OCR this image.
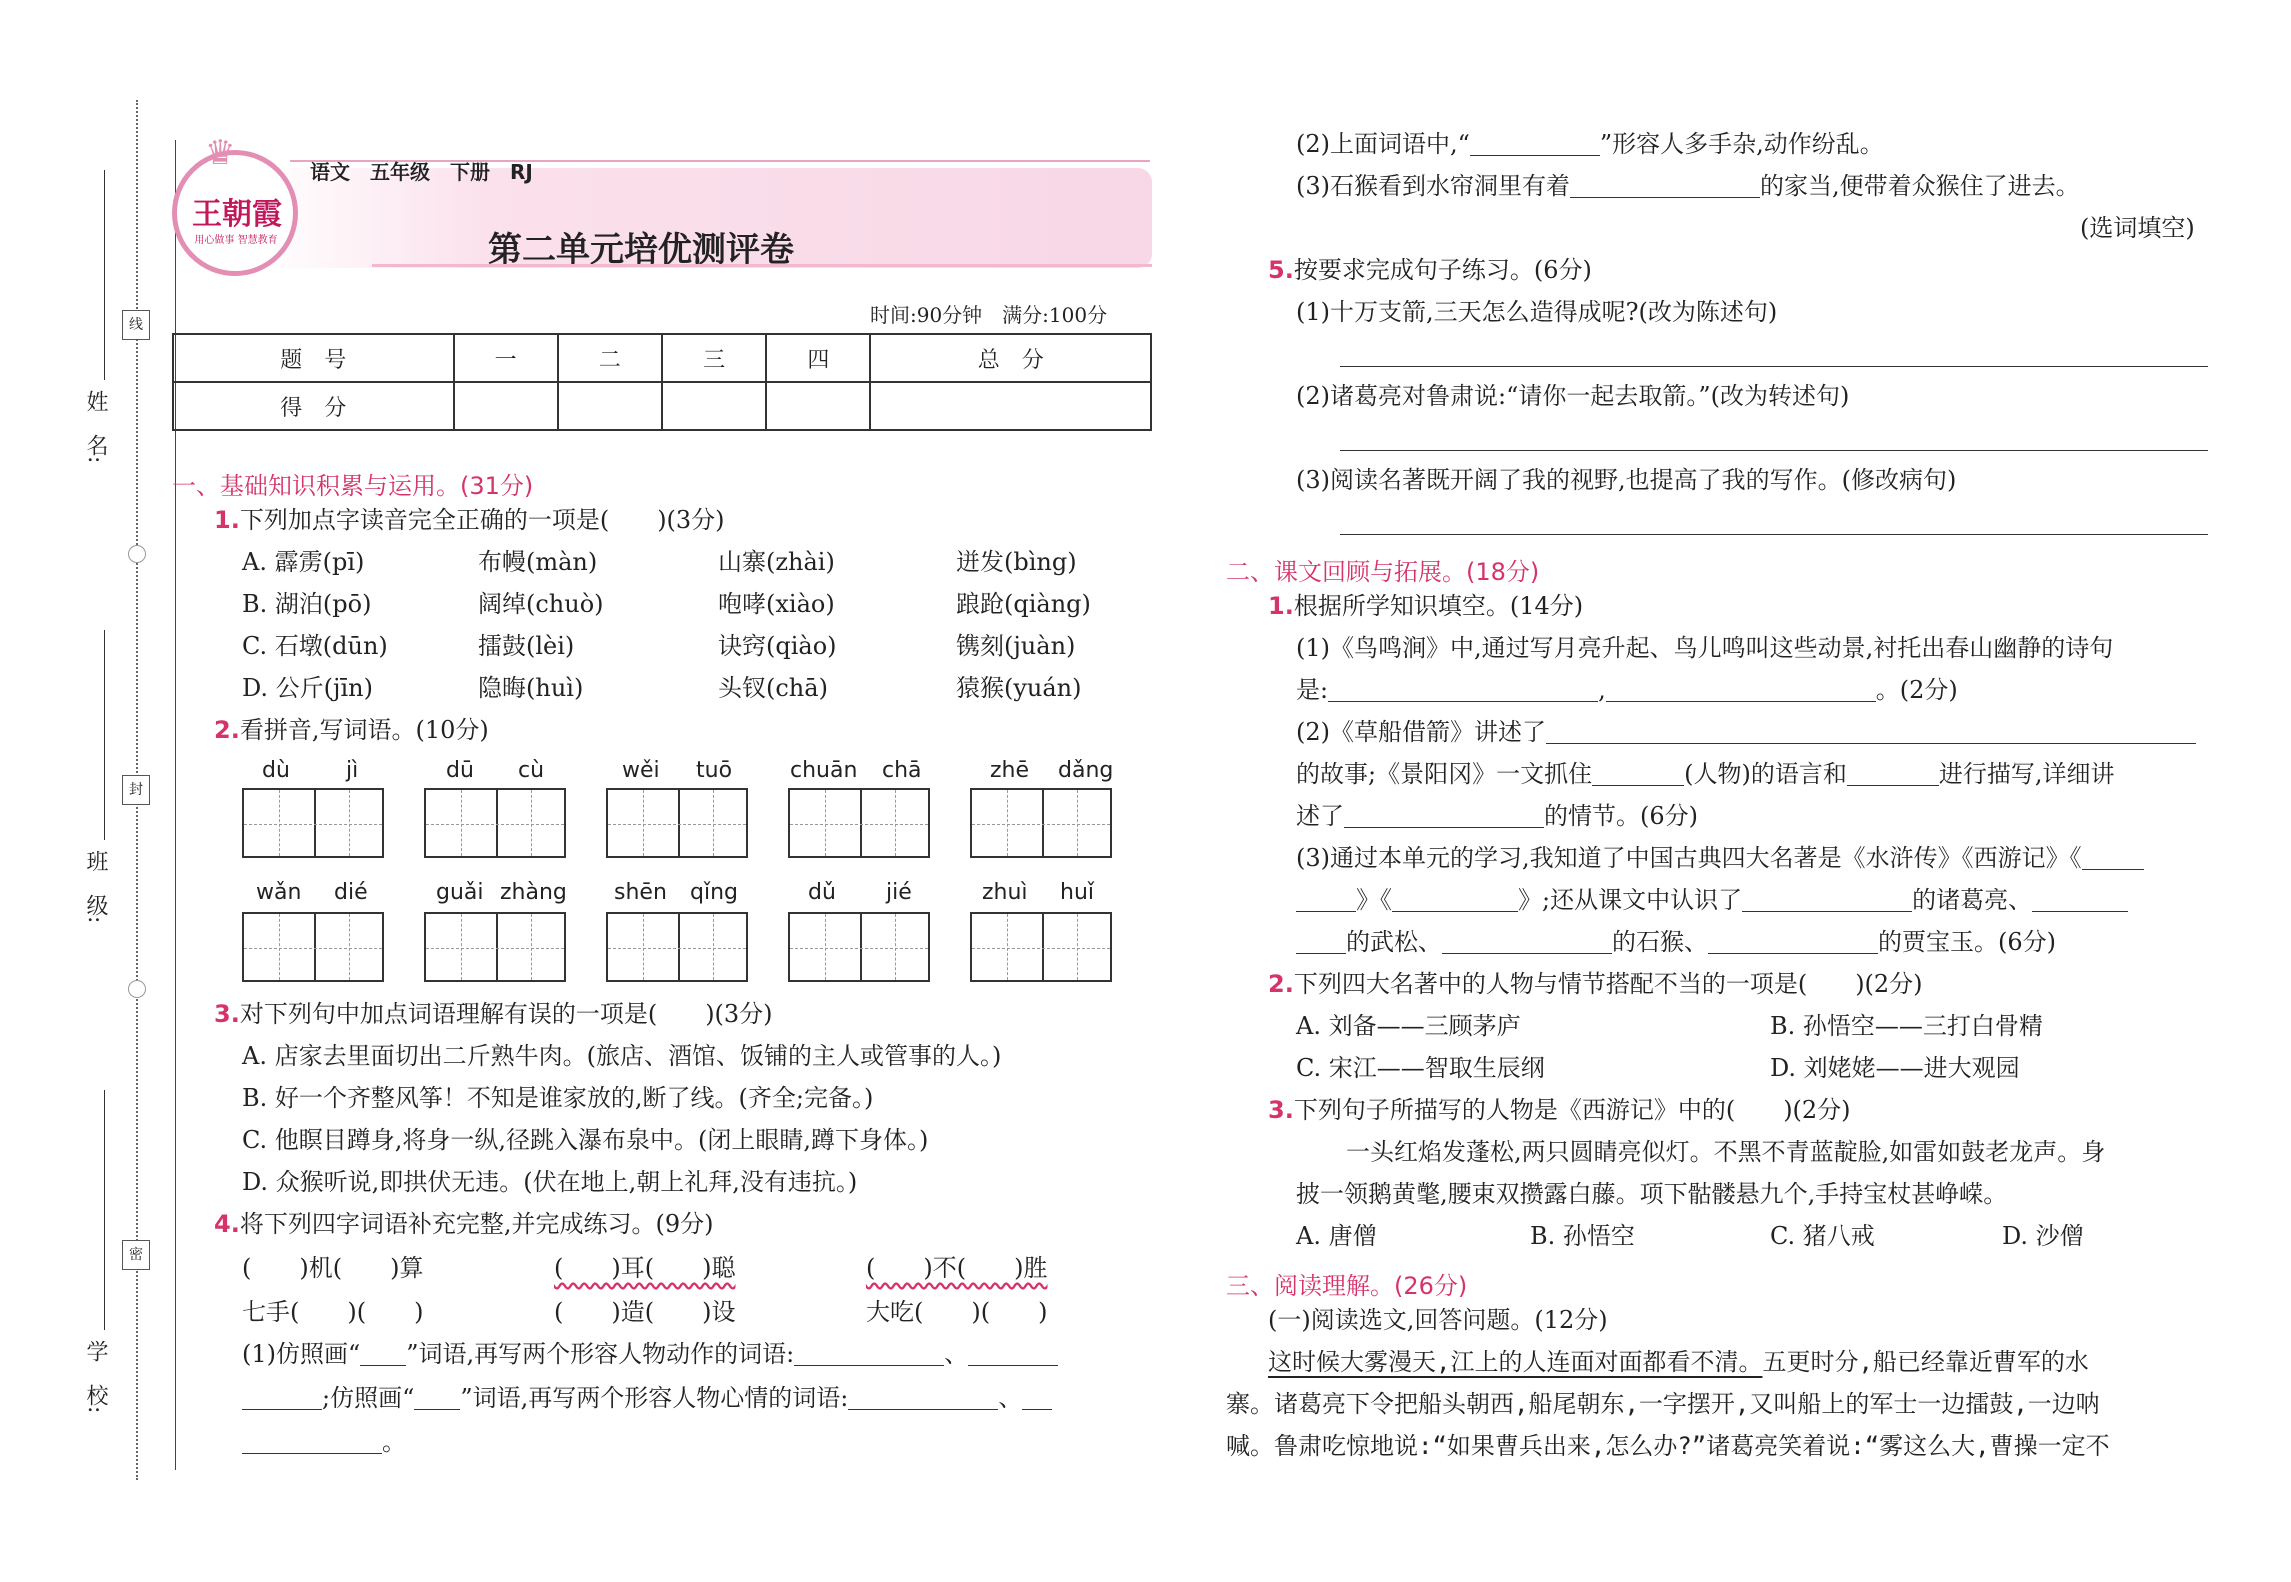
姓　名:
班　级:
学　校:
线
封
密
♛
王朝霞
用心做事 智慧教育
语文　五年级　下册　RJ
第二单元培优测评卷
时间:90分钟　满分:100分
题　号	一	二	三	四	总　分
得　分					
一、基础知识积累与运用。(31分)
1.下列加点字读音完全正确的一项是(　　)(3分)
A. 霹雳(pī)	布幔(màn)	山寨(zhài)	迸发(bìng)
B. 湖泊(pō)	阔绰(chuò)	咆哮(xiào)	踉跄(qiàng)
C. 石墩(dūn)	擂鼓(lèi)	诀窍(qiào)	镌刻(juàn)
D. 公斤(jīn)	隐晦(huì)	头钗(chā)	猿猴(yuán)
2.看拼音,写词语。(10分)
dù	jì	dū cù	wěi tuō	chuān chā	zhē dǎng
wǎn dié	guǎi zhàng shēn qǐng	dǔ jié	zhuì huǐ
3.对下列句中加点词语理解有误的一项是(　　)(3分)
A. 店家去里面切出二斤熟牛肉。(旅店、酒馆、饭铺的主人或管事的人。)
B. 好一个齐整风筝！不知是谁家放的,断了线。(齐全;完备。)
C. 他瞑目蹲身,将身一纵,径跳入瀑布泉中。(闭上眼睛,蹲下身体。)
D. 众猴听说,即拱伏无违。(伏在地上,朝上礼拜,没有违抗。)
4.将下列四字词语补充完整,并完成练习。(9分)
(　　)机(　　)算	(　　)耳(　　)聪	(　　)不(　　)胜
七手(　　)(　　)	(　　)造(　　)设	大吃(　　)(　　)
(1)仿照画“ ”词语,再写两个形容人物动作的词语:	、
;仿照画“ ”词语,再写两个形容人物心情的词语:	、
。
(2)上面词语中,“	”形容人多手杂,动作纷乱。
(3)石猴看到水帘洞里有着	的家当,便带着众猴住了进去。
(选词填空)
5.按要求完成句子练习。(6分)
(1)十万支箭,三天怎么造得成呢?(改为陈述句)
(2)诸葛亮对鲁肃说:“请你一起去取箭。”(改为转述句)
(3)阅读名著既开阔了我的视野,也提高了我的写作。(修改病句)
二、课文回顾与拓展。(18分)
1.根据所学知识填空。(14分)
(1)《鸟鸣涧》中,通过写月亮升起、鸟儿鸣叫这些动景,衬托出春山幽静的诗句
是:	,	。(2分)
(2)《草船借箭》讲述了
的故事;《景阳冈》一文抓住	(人物)的语言和	进行描写,详细讲
述了	的情节。(6分)
(3)通过本单元的学习,我知道了中国古典四大名著是《水浒传》《西游记》《
》《	》;还从课文中认识了	的诸葛亮、
的武松、	的石猴、	的贾宝玉。(6分)
2.下列四大名著中的人物与情节搭配不当的一项是(　　)(2分)
A. 刘备——三顾茅庐	B. 孙悟空——三打白骨精
C. 宋江——智取生辰纲	D. 刘姥姥——进大观园
3.下列句子所描写的人物是《西游记》中的(　　)(2分)
一头红焰发蓬松,两只圆睛亮似灯。不黑不青蓝靛脸,如雷如鼓老龙声。身
披一领鹅黄氅,腰束双攒露白藤。项下骷髅悬九个,手持宝杖甚峥嵘。
A. 唐僧	B. 孙悟空	C. 猪八戒	D. 沙僧
三、阅读理解。(26分)
(一)阅读选文,回答问题。(12分)
这时候大雾漫天,江上的人连面对面都看不清。五更时分,船已经靠近曹军的水
寨。诸葛亮下令把船头朝西,船尾朝东,一字摆开,又叫船上的军士一边擂鼓,一边呐
喊。鲁肃吃惊地说:“如果曹兵出来,怎么办?”诸葛亮笑着说:“雾这么大,曹操一定不
